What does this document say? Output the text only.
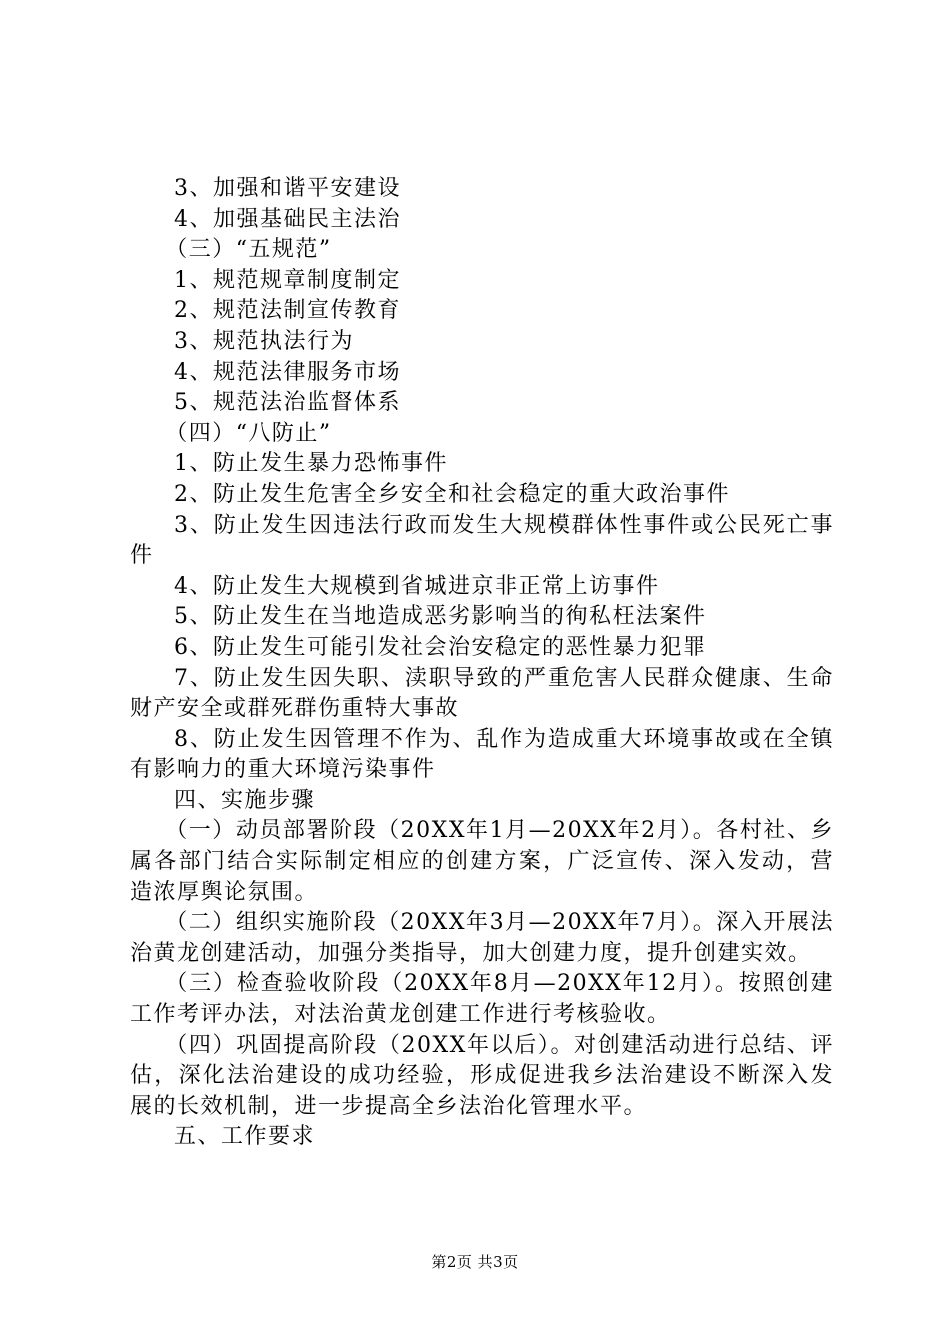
3、加强和谐平安建设

4、加强基础民主法治

（三）“五规范”

1、规范规章制度制定

2、规范法制宣传教育

3、规范执法行为

4、规范法律服务市场

5、规范法治监督体系

（四）“八防止”

1、防止发生暴力恐怖事件

2、防止发生危害全乡安全和社会稳定的重大政治事件

3、防止发生因违法行政而发生大规模群体性事件或公民死亡事件

4、防止发生大规模到省城进京非正常上访事件

5、防止发生在当地造成恶劣影响当的徇私枉法案件

6、防止发生可能引发社会治安稳定的恶性暴力犯罪

7、防止发生因失职、渎职导致的严重危害人民群众健康、生命财产安全或群死群伤重特大事故

8、防止发生因管理不作为、乱作为造成重大环境事故或在全镇有影响力的重大环境污染事件

四、实施步骤

（一）动员部署阶段（20XX年1月—20XX年2月）。各村社、乡属各部门结合实际制定相应的创建方案，广泛宣传、深入发动，营造浓厚舆论氛围。

（二）组织实施阶段（20XX年3月—20XX年7月）。深入开展法治黄龙创建活动，加强分类指导，加大创建力度，提升创建实效。

（三）检查验收阶段（20XX年8月—20XX年12月）。按照创建工作考评办法，对法治黄龙创建工作进行考核验收。

（四）巩固提高阶段（20XX年以后）。对创建活动进行总结、评估，深化法治建设的成功经验，形成促进我乡法治建设不断深入发展的长效机制，进一步提高全乡法治化管理水平。

五、工作要求

第2页 共3页
